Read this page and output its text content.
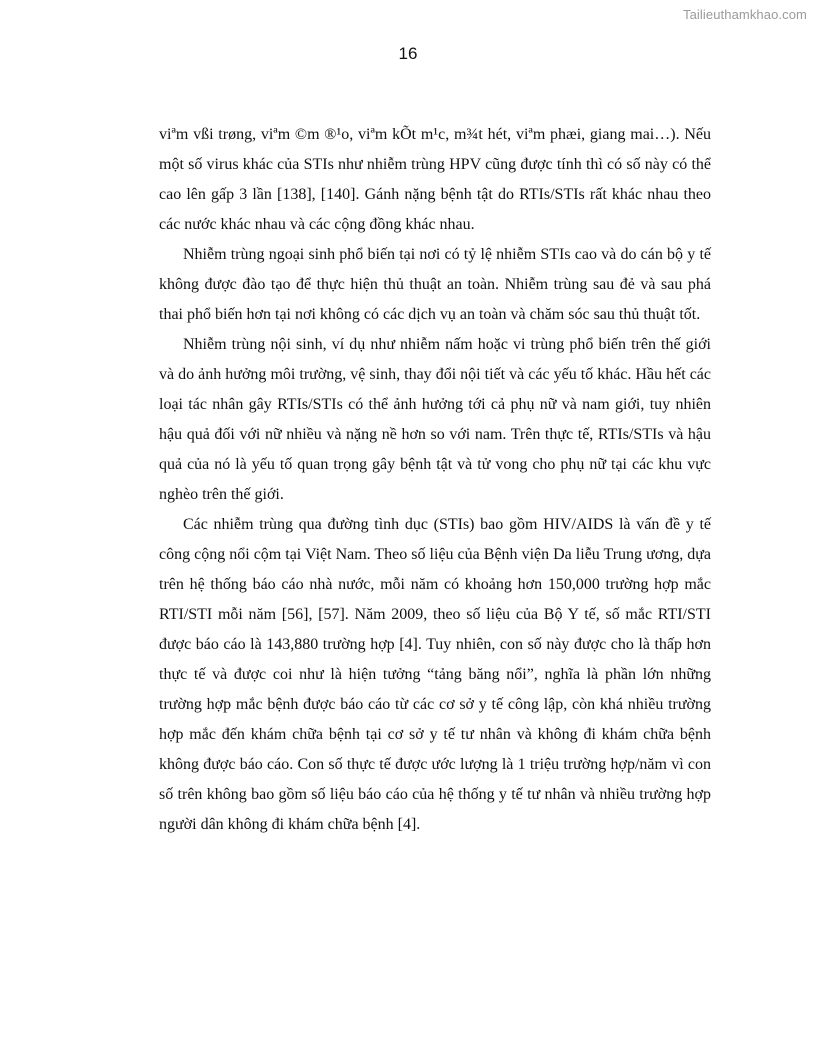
Tailieuthamkhao.com
16

viªm vßi trøng, viªm ©m ®¹o, viªm kÕt m¹c, m¾t hét, viªm phæi, giang mai…). Nếu một số virus khác của STIs như nhiễm trùng HPV cũng được tính thì có số này có thể cao lên gấp 3 lần [138], [140]. Gánh nặng bệnh tật do RTIs/STIs rất khác nhau theo các nước khác nhau và các cộng đồng khác nhau.

Nhiễm trùng ngoại sinh phổ biến tại nơi có tỷ lệ nhiễm STIs cao và do cán bộ y tế không được đào tạo để thực hiện thủ thuật an toàn. Nhiễm trùng sau đẻ và sau phá thai phổ biến hơn tại nơi không có các dịch vụ an toàn và chăm sóc sau thủ thuật tốt.

Nhiễm trùng nội sinh, ví dụ như nhiễm nấm hoặc vi trùng phổ biến trên thế giới và do ảnh hưởng môi trường, vệ sinh, thay đổi nội tiết và các yếu tố khác. Hầu hết các loại tác nhân gây RTIs/STIs có thể ảnh hưởng tới cả phụ nữ và nam giới, tuy nhiên hậu quả đối với nữ nhiều và nặng nề hơn so với nam. Trên thực tế, RTIs/STIs và hậu quả của nó là yếu tố quan trọng gây bệnh tật và tử vong cho phụ nữ tại các khu vực nghèo trên thế giới.

Các nhiễm trùng qua đường tình dục (STIs) bao gồm HIV/AIDS là vấn đề y tế công cộng nổi cộm tại Việt Nam. Theo số liệu của Bệnh viện Da liễu Trung ương, dựa trên hệ thống báo cáo nhà nước, mỗi năm có khoảng hơn 150,000 trường hợp mắc RTI/STI mỗi năm [56], [57]. Năm 2009, theo số liệu của Bộ Y tế, số mắc RTI/STI được báo cáo là 143,880 trường hợp [4]. Tuy nhiên, con số này được cho là thấp hơn thực tế và được coi như là hiện tưởng “tảng băng nổi”, nghĩa là phần lớn những trường hợp mắc bệnh được báo cáo từ các cơ sở y tế công lập, còn khá nhiều trường hợp mắc đến khám chữa bệnh tại cơ sở y tế tư nhân và không đi khám chữa bệnh không được báo cáo. Con số thực tế được ước lượng là 1 triệu trường hợp/năm vì con số trên không bao gồm số liệu báo cáo của hệ thống y tế tư nhân và nhiều trường hợp người dân không đi khám chữa bệnh [4].
